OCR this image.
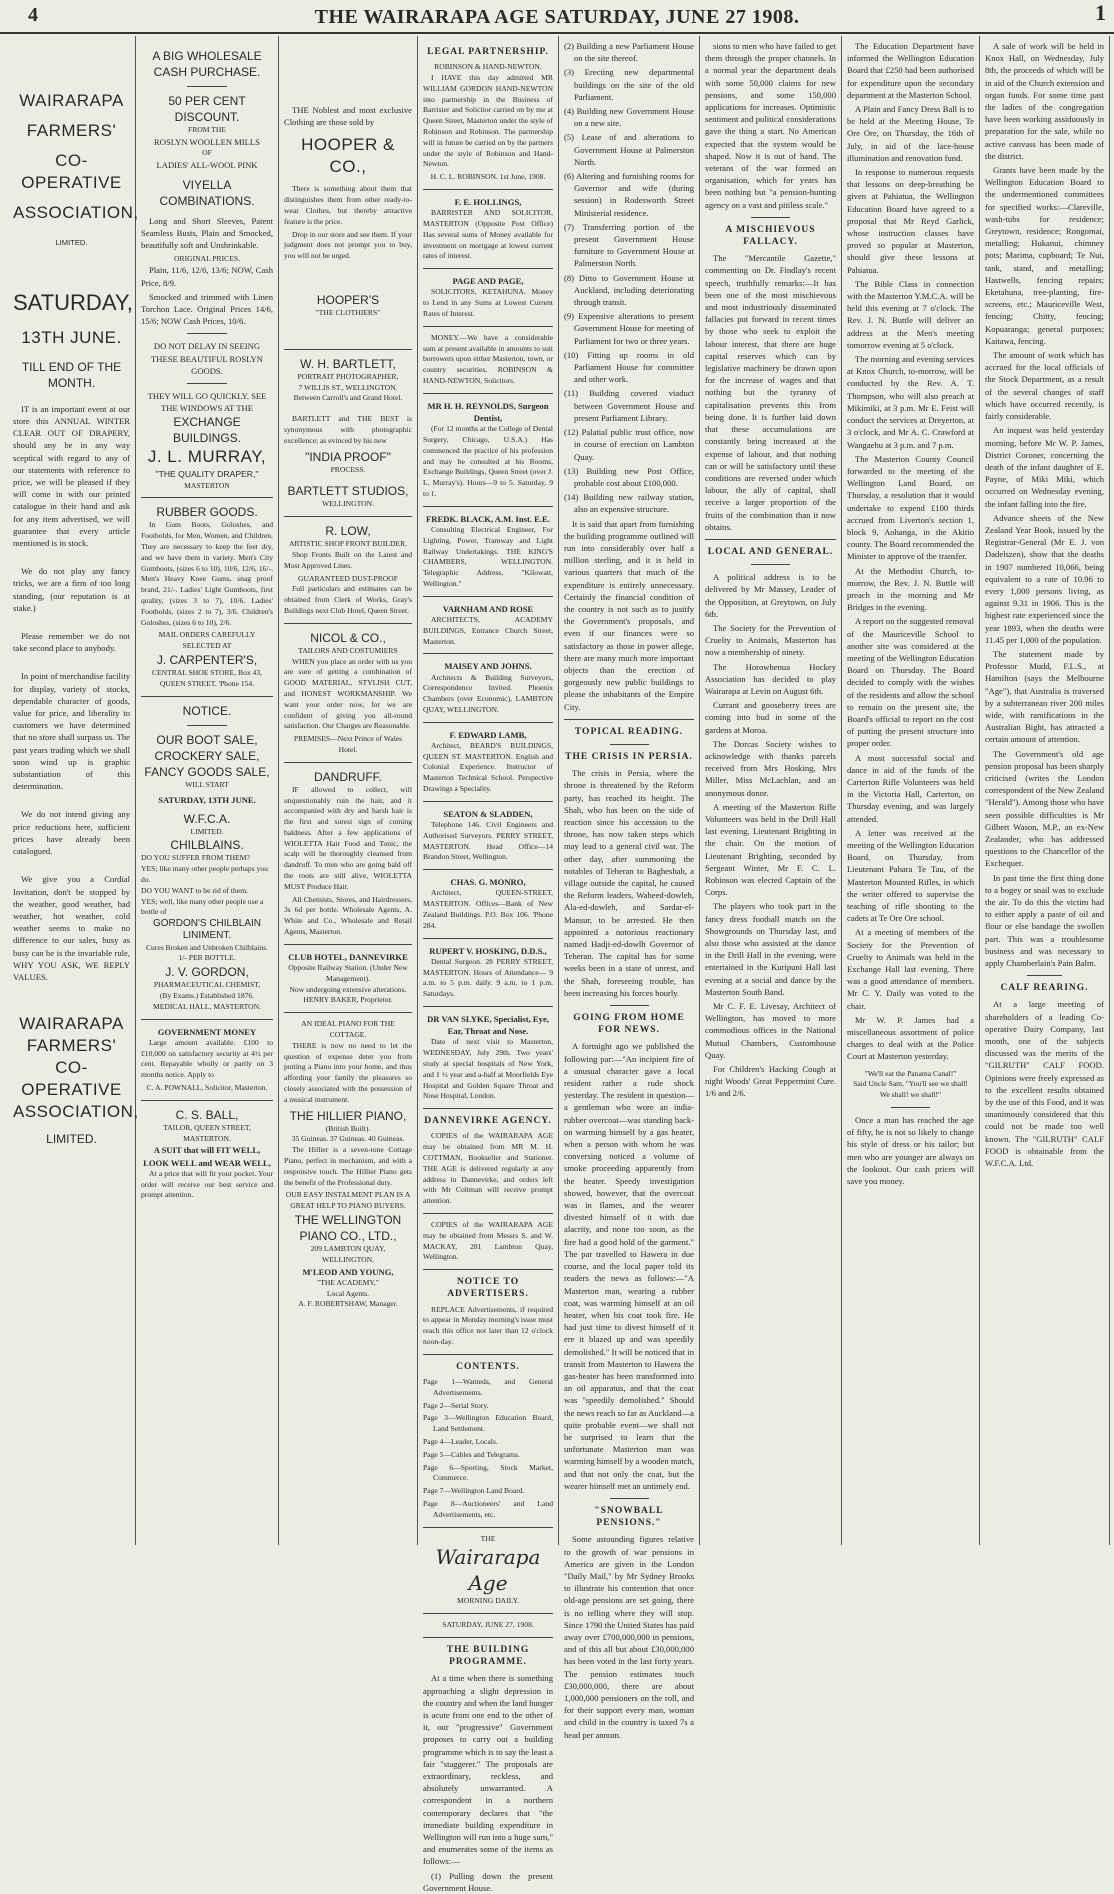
4	THE WAIRARAPA AGE SATURDAY, JUNE 27 1908.	1
WAIRARAPA
FARMERS'
CO-OPERATIVE
ASSOCIATION,
LIMITED.
SATURDAY,
13TH JUNE.
TILL END OF THE MONTH.

IT is an important event at our store this ANNUAL WINTER CLEAR OUT OF DRAPERY, should any be in any way sceptical with regard to any of our statements with reference to price, we will be pleased if they will come in with our printed catalogue in their hand and ask for any item advertised, we will guarantee that every article mentioned is in stock.

We do not play any fancy tricks, we are a firm of too long standing, (our reputation is at stake.)

Please remember we do not take second place to anybody.

In point of merchandise facility for display, variety of stocks, dependable character of goods, value for price, and liberality to customers we have determined that no store shall surpass us. The past years trading which we shall soon wind up is graphic substantiation of this determination.

We do not intend giving any price reductions here, sufficient prices have already been catalogued.

We give you a Cordial Invitation, don't be stopped by the weather, good weather, bad weather, hot weather, cold weather seems to make no difference to our sales, busy as busy can be is the invariable rule, WHY YOU ASK, WE REPLY VALUES.

WAIRARAPA
FARMERS'
CO-OPERATIVE
ASSOCIATION,
LIMITED.
A BIG WHOLESALE CASH PURCHASE.
50 PER CENT DISCOUNT.
FROM THE
ROSLYN WOOLLEN MILLS
OF
LADIES' ALL-WOOL PINK
VIYELLA COMBINATIONS.

Long and Short Sleeves, Patent Seamless Busts, Plain and Smocked, beautifully soft and Unshrinkable.

ORIGINAL PRICES.

Plain, 11/6, 12/6, 13/6; NOW, Cash Price, 8/9.

Smocked and trimmed with Linen Torchon Lace. Original Prices 14/6, 15/6; NOW Cash Prices, 10/6.

DO NOT DELAY IN SEEING THESE BEAUTIFUL ROSLYN GOODS.
THEY WILL GO QUICKLY. SEE THE WINDOWS AT THE
EXCHANGE BUILDINGS.
J. L. MURRAY,
"THE QUALITY DRAPER,"
MASTERTON
RUBBER GOODS.

In Gum Boots, Goloshes, and Footholds, for Men, Women, and Children. They are necessary to keep the feet dry, and we have them in variety. Men's City Gumboots, (sizes 6 to 10), 10/6, 12/6, 16/-. Men's Heavy Knee Gums, snag proof brand, 21/-. Ladies' Light Gumboots, first quality, (sizes 3 to 7), 10/6. Ladies' Footholds, (sizes 2 to 7), 3/6. Children's Goloshes, (sizes 6 to 10), 2/6.

MAIL ORDERS CAREFULLY SELECTED AT
J. CARPENTER'S,
CENTRAL SHOE STORE, Box 43, QUEEN STREET. 'Phone 154.
NOTICE.
OUR BOOT SALE, CROCKERY SALE, FANCY GOODS SALE,
WILL START
SATURDAY, 13TH JUNE.
W.F.C.A.
LIMITED.
CHILBLAINS.
DO YOU SUFFER FROM THEM?
YES; like many other people perhaps you do.
DO YOU WANT to be rid of them.
YES; well, like many other people use a bottle of
GORDON'S CHILBLAIN LINIMENT.
Cures Broken and Unbroken Chilblains.
1/- PER BOTTLE.
J. V. GORDON,
PHARMACEUTICAL CHEMIST,
(By Exams.) Established 1876.
MEDICAL HALL, MASTERTON.
GOVERNMENT MONEY

Large amount available. £100 to £10,000 on satisfactory security at 4½ per cent. Repayable wholly or partly on 3 months notice. Apply to

C. A. POWNALL, Solicitor, Masterton.
C. S. BALL,
TAILOR, QUEEN STREET, MASTERTON.
A SUIT that will FIT WELL, LOOK WELL and WEAR WELL,

At a price that will fit your pocket. Your order will receive our best service and prompt attention.

THE Noblest and most exclusive Clothing are those sold by

HOOPER & CO.,

There is something about them that distinguishes them from other ready-to-wear Clothes, but thereby attractive feature is the price.

Drop in our store and see them. If your judgment does not prompt you to buy, you will not be urged.

HOOPER'S
"THE CLOTHIERS"
W. H. BARTLETT,
PORTRAIT PHOTOGRAPHER,
7 WILLIS ST., WELLINGTON.
Between Carroll's and Grand Hotel.

BARTLETT and THE BEST is synonymous with photographic excellence; as evinced by his new

"INDIA PROOF"
PROCESS.
BARTLETT STUDIOS,
WELLINGTON.
R. LOW,
ARTISTIC SHOP FRONT BUILDER.

Shop Fronts Built on the Latest and Most Approved Lines.

GUARANTEED DUST-PROOF

Full particulars and estimates can be obtained from Clerk of Works, Gray's Buildings next Club Hotel, Queen Street.

NICOL & CO.,
TAILORS AND COSTUMIERS

WHEN you place an order with us you are sure of getting a combination of GOOD MATERIAL, STYLISH CUT, and HONEST WORKMANSHIP. We want your order now, for we are confident of giving you all-round satisfaction. Our Charges are Reasonable.

PREMISES—Next Prince of Wales Hotel.
DANDRUFF.

IF allowed to collect, will unquestionably ruin the hair, and it accompanied with dry and harsh hair is the first and surest sign of coming baldness. After a few applications of WIOLETTA Hair Food and Tonic, the scalp will be thoroughly cleansed from dandruff. To men who are going bald off the roots are still alive, WIOLETTA MUST Produce Hair.

All Chemists, Stores, and Hairdressers, 3s 6d per bottle. Wholesale Agents, A. White and Co., Wholesale and Retail Agents, Masterton.

CLUB HOTEL, DANNEVIRKE
Opposite Railway Station. (Under New Management).
Now undergoing extensive alterations.
HENRY BAKER, Proprietor.
AN IDEAL PIANO FOR THE COTTAGE.

THERE is now no need to let the question of expense deter you from putting a Piano into your home, and thus affording your family the pleasures so closely associated with the possession of a musical instrument.

THE HILLIER PIANO,
(British Built).
35 Guineas. 37 Guineas. 40 Guineas.

The Hillier is a seven-tone Cottage Piano, perfect in mechanism, and with a responsive touch. The Hillier Piano gets the benefit of the Professional duty.

OUR EASY INSTALMENT PLAN IS A GREAT HELP TO PIANO BUYERS.
THE WELLINGTON PIANO CO., LTD.,
209 LAMBTON QUAY, WELLINGTON.
M'LEOD AND YOUNG,
"THE ACADEMY,"
Local Agents.
A. F. ROBERTSHAW, Manager.
LEGAL PARTNERSHIP.
ROBINSON & HAND-NEWTON.

I HAVE this day admitted MR WILLIAM GORDON HAND-NEWTON into partnership in the Business of Barrister and Solicitor carried on by me at Queen Street, Masterton under the style of Robinson and Robinson. The partnership will in future be carried on by the partners under the style of Robinson and Hand-Newton.

H. C. L. ROBINSON. 1st June, 1908.
F. E. HOLLINGS,

BARRISTER AND SOLICITOR, MASTERTON (Opposite Post Office) Has several sums of Money available for investment on mortgage at lowest current rates of interest.

PAGE AND PAGE,

SOLICITORS, KETAHUNA. Money to Lend in any Sums at Lowest Current Rates of Interest.

MONEY.—We have a considerable sum at present available in amounts to suit borrowers upon either Masterton, town, or country securities. ROBINSON & HAND-NEWTON, Solicitors.

MR H. H. REYNOLDS, Surgeon Dentist,

(For 12 months at the College of Dental Surgery, Chicago, U.S.A.) Has commenced the practice of his profession and may be consulted at his Rooms, Exchange Buildings, Queen Street (over J. L. Murray's). Hours—9 to 5. Saturday, 9 to 1.

FREDK. BLACK, A.M. Inst. E.E.

Consulting Electrical Engineer, For Lighting, Power, Tramway and Light Railway Undertakings. THE KING'S CHAMBERS, WELLINGTON. Telegraphic Address, "Kilowatt, Wellington."

VARNHAM AND ROSE

ARCHITECTS, ACADEMY BUILDINGS, Entrance Church Street, Masterton.

MAISEY AND JOHNS.

Architects & Building Surveyors, Correspondence Invited. Phoenix Chambers (over Economic), LAMBTON QUAY, WELLINGTON.

F. EDWARD LAMB,

Architect, BEARD'S BUILDINGS, QUEEN ST. MASTERTON. English and Colonial Experience. Instructor of Masterton Technical School. Perspective Drawings a Speciality.

SEATON & SLADDEN,

Telephone 146. Civil Engineers and Authorised Surveyors. PERRY STREET, MASTERTON. Head Office—14 Brandon Street, Wellington.

CHAS. G. MONRO,

Architect, QUEEN-STREET, MASTERTON. Offices—Bank of New Zealand Buildings. P.O. Box 106. 'Phone 284.

RUPERT V. HOSKING, D.D.S.,

Dental Surgeon. 28 PERRY STREET, MASTERTON. Hours of Attendance— 9 a.m. to 5 p.m. daily. 9 a.m. to 1 p.m. Saturdays.

DR VAN SLYKE, Specialist, Eye, Ear, Throat and Nose.

Date of next visit to Masterton, WEDNESDAY, July 29th. Two years' study at special hospitals of New York, and 1 ½ year and a-half at Moorfields Eye Hospital and Golden Square Throat and Nose Hospital, London.

DANNEVIRKE AGENCY.

COPIES of the WAIRARAPA AGE may be obtained from MR M. H. COTTMAN, Bookseller and Stationer. THE AGE is delivered regularly at any address in Dannevirke, and orders left with Mr Coltman will receive prompt attention.

COPIES of the WAIRARAPA AGE may be obtained from Messrs S. and W. MACKAY, 281 Lambton Quay, Wellington.

NOTICE TO ADVERTISERS.

REPLACE Advertisements, if required to appear in Monday morning's issue must reach this office not later than 12 o'clock noon-day.

CONTENTS.

Page 1—Wanteds, and General Advertisements.

Page 2—Serial Story.

Page 3—Wellington Education Board, Land Settlement.

Page 4—Leader, Locals.

Page 5—Cables and Telegrams.

Page 6—Sporting, Stock Market, Commerce.

Page 7—Wellington Land Board.

Page 8—Auctioneers' and Land Advertisements, etc.

THE
Wairarapa Age
MORNING DAILY.
SATURDAY, JUNE 27, 1908.
THE BUILDING PROGRAMME.

At a time when there is something approaching a slight depression in the country and when the land hunger is acute from one end to the other of it, our "progressive" Government proposes to carry out a building programme which is to say the least a fair "staggerer." The proposals are extraordinary, reckless, and absolutely unwarranted. A correspondent in a northern contemporary declares that "the immediate building expenditure in Wellington will run into a huge sum," and enumerates some of the items as follows:—

(1) Pulling down the present Government House.

(2) Building a new Parliament House on the site thereof.

(3) Erecting new departmental buildings on the site of the old Parliament.

(4) Building new Government House on a new site.

(5) Lease of and alterations to Government House at Palmerston North.

(6) Altering and furnishing rooms for Governor and wife (during session) in Rodesworth Street Ministerial residence.

(7) Transferring portion of the present Government House furniture to Government House at Palmerston North.

(8) Ditto to Government House at Auckland, including deteriorating through transit.

(9) Expensive alterations to present Government House for meeting of Parliament for two or three years.

(10) Fitting up rooms in old Parliament House for committee and other work.

(11) Building covered viaduct between Government House and present Parliament Library.

(12) Palatial public trust office, now in course of erection on Lambton Quay.

(13) Building new Post Office, probable cost about £100,000.

(14) Building new railway station, also an expensive structure.

It is said that apart from furnishing the building programme outlined will run into considerably over half a million sterling, and it is held in various quarters that much of the expenditure is entirely unnecessary. Certainly the financial condition of the country is not such as to justify the Government's proposals, and even if our finances were so satisfactory as those in power allege, there are many much more important objects than the erection of gorgeously new public buildings to please the inhabitants of the Empire City.

TOPICAL READING.
THE CRISIS IN PERSIA.

The crisis in Persia, where the throne is threatened by the Reform party, has reached its height. The Shah, who has been on the side of reaction since his accession to the throne, has now taken steps which may lead to a general civil war. The other day, after summoning the notables of Teheran to Bagheshah, a village outside the capital, he caused the Reform leaders, Waheed-dowleh, Ala-ed-dowleh, and Sardar-el-Mansur, to be arrested. He then appointed a notorious reactionary named Hadji-ed-dowlh Governor of Teheran. The capital has for some weeks been in a state of unrest, and the Shah, foreseeing trouble, has been increasing his forces hourly.

GOING FROM HOME FOR NEWS.

A fortnight ago we published the following par:—"An incipient fire of a unusual character gave a local resident rather a rude shock yesterday. The resident in question—a gentleman who wore an india-rubber overcoat—was standing back-on warming himself by a gas heater, when a person with whom he was conversing noticed a volume of smoke proceeding apparently from the heater. Speedy investigation showed, however, that the overcoat was in flames, and the wearer divested himself of it with due alacrity, and none too soon, as the fire had a good hold of the garment." The par travelled to Hawera in due course, and the local paper told its readers the news as follows:—"A Masterton man, wearing a rubber coat, was warming himself at an oil heater, when his coat took fire. He had just time to divest himself of it ere it blazed up and was speedily demolished." It will be noticed that in transit from Masterton to Hawera the gas-heater has been transformed into an oil apparatus, and that the coat was "speedily demolished." Should the news reach so far as Auckland—a quite probable event—we shall not be surprised to learn that the unfortunate Masterton man was warming himself by a wooden match, and that not only the coat, but the wearer himself met an untimely end.

"SNOWBALL PENSIONS."

Some astounding figures relative to the growth of war pensions in America are given in the London "Daily Mail," by Mr Sydney Brooks to illustrate his contention that once old-age pensions are set going, there is no telling where they will stop. Since 1790 the United States has paid away over £700,000,000 in pensions, and of this all but about £30,000,000 has been voted in the last forty years. The pension estimates touch £30,000,000, there are about 1,000,000 pensioners on the roll, and for their support every man, woman and child in the country is taxed 7s a head per annum.

sions to men who have failed to get them through the proper channels. In a normal year the department deals with some 50,000 claims for new pensions, and some 150,000 applications for increases. Optimistic sentiment and political considerations gave the thing a start. No American expected that the system would be shaped. Now it is out of hand. The veterans of the war formed an organisation, which for years has been nothing but "a pension-hunting agency on a vast and pitiless scale."

A MISCHIEVOUS FALLACY.

The "Mercantile Gazette," commenting on Dr. Findlay's recent speech, truthfully remarks:—It has been one of the most mischievous and most industriously disseminated fallacies put forward in recent times by those who seek to exploit the labour interest, that there are huge capital reserves which can by legislative machinery be drawn upon for the increase of wages and that nothing but the tyranny of capitalisation prevents this from being done. It is further laid down that these accumulations are constantly being increased at the expense of labour, and that nothing can or will be satisfactory until these conditions are reversed under which labour, the ally of capital, shall receive a larger proportion of the fruits of the combination than it now obtains.

LOCAL AND GENERAL.

A political address is to be delivered by Mr Massey, Leader of the Opposition, at Greytown, on July 6th.

The Society for the Prevention of Cruelty to Animals, Masterton has now a membership of ninety.

The Horowhenua Hockey Association has decided to play Wairarapa at Levin on August 6th.

Currant and gooseberry trees are coming into bud in some of the gardens at Moroa.

The Dorcas Society wishes to acknowledge with thanks parcels received from Mrs Hosking, Mrs Miller, Miss McLachlan, and an anonymous donor.

A meeting of the Masterton Rifle Volunteers was held in the Drill Hall last evening, Lieutenant Brighting in the chair. On the motion of Lieutenant Brighting, seconded by Sergeant Winter, Mr F. C. L. Robinson was elected Captain of the Corps.

The players who took part in the fancy dress football match on the Showgrounds on Thursday last, and also those who assisted at the dance in the Drill Hall in the evening, were entertained in the Kuripuni Hall last evening at a social and dance by the Masterton South Band.

Mr C. F. E. Livesay, Architect of Wellington, has moved to more commodious offices in the National Mutual Chambers, Customhouse Quay.

For Children's Hacking Cough at night Woods' Great Peppermint Cure. 1/6 and 2/6.

The Education Department have informed the Wellington Education Board that £250 had been authorised for expenditure upon the secondary department at the Masterton School.

A Plain and Fancy Dress Ball is to be held at the Meeting House, Te Ore Ore, on Thursday, the 16th of July, in aid of the lace-house illumination and renovation fund.

In response to numerous requests that lessons on deep-breathing be given at Pahiatua, the Wellington Education Board have agreed to a proposal that Mr Reyd Garlick, whose instruction classes have proved so popular at Masterton, should give these lessons at Pahiatua.

The Bible Class in connection with the Masterton Y.M.C.A. will be held this evening at 7 o'clock. The Rev. J. N. Buttle will deliver an address at the Men's meeting tomorrow evening at 5 o'clock.

The morning and evening services at Knox Church, to-morrow, will be conducted by the Rev. A. T. Thompson, who will also preach at Mikimiki, at 3 p.m. Mr E. Feist will conduct the services at Dreyerton, at 3 o'clock, and Mr A. C. Crawford at Wangaehu at 3 p.m. and 7 p.m.

The Masterton County Council forwarded to the meeting of the Wellington Land Board, on Thursday, a resolution that it would undertake to expend £100 thirds accrued from Liverton's section 1, block 9, Aohanga, in the Akitio county. The Board recommended the Minister to approve of the transfer.

At the Methodist Church, to-morrow, the Rev. J. N. Buttle will preach in the morning and Mr Bridges in the evening.

A report on the suggested removal of the Mauriceville School to another site was considered at the meeting of the Wellington Education Board on Thursday. The Board decided to comply with the wishes of the residents and allow the school to remain on the present site, the Board's official to report on the cost of putting the present structure into proper order.

A most successful social and dance in aid of the funds of the Carterton Rifle Volunteers was held in the Victoria Hall, Carterton, on Thursday evening, and was largely attended.

A letter was received at the meeting of the Wellington Education Board, on Thursday, from Lieutenant Pahara Te Tau, of the Masterton Mounted Rifles, in which the writer offered to supervise the teaching of rifle shooting to the cadets at Te Ore Ore school.

At a meeting of members of the Society for the Prevention of Cruelty to Animals was held in the Exchange Hall last evening. There was a good attendance of members. Mr C. Y. Daily was voted to the chair.

Mr W. P. James had a miscellaneous assortment of police charges to deal with at the Police Court at Masterton yesterday.

"We'll eat the Panama Canal!"
Said Uncle Sam, "You'll see we shall!
We shall! we shall!"

Once a man has reached the age of fifty, he is not so likely to change his style of dress or his tailor; but men who are younger are always on the lookout. Our cash prices will save you money.

A sale of work will be held in Knox Hall, on Wednesday, July 8th, the proceeds of which will be in aid of the Church extension and organ funds. For some time past the ladies of the congregation have been working assiduously in preparation for the sale, while no active canvass has been made of the district.

Grants have been made by the Wellington Education Board to the undermentioned committees for specified works:—Clareville, wash-tubs for residence; Greytown, residence; Rongomai, metalling; Hukanui, chimney pots; Marima, cupboard; Te Nui, tank, stand, and metalling; Hastwells, fencing repairs; Eketahuna, tree-planting, fire-screens, etc.; Mauriceville West, fencing; Chitty, fencing; Kopuaranga; general purposes; Kaitawa, fencing.

The amount of work which has accrued for the local officials of the Stock Department, as a result of the several changes of staff which have occurred recently, is fairly considerable.

An inquest was held yesterday morning, before Mr W. P. James, District Coroner, concerning the death of the infant daughter of E. Payne, of Miki Miki, which occurred on Wednesday evening, the infant falling into the fire.

Advance sheets of the New Zealand Year Book, issued by the Registrar-General (Mr E. J. von Dadelszen), show that the deaths in 1907 numbered 10,066, being equivalent to a rate of 10.96 to every 1,000 persons living, as against 9.31 in 1906. This is the highest rate experienced since the year 1893, when the deaths were 11.45 per 1,000 of the population.

The statement made by Professor Mudd, F.L.S., at Hamilton (says the Melbourne "Age"), that Australia is traversed by a subterranean river 200 miles wide, with ramifications in the Australian Bight, has attracted a certain amount of attention.

The Government's old age pension proposal has been sharply criticised (writes the London correspondent of the New Zealand "Herald"). Among those who have seen possible difficulties is Mr Gilbert Wason, M.P., an ex-New Zealander, who has addressed questions to the Chancellor of the Exchequer.

In past time the first thing done to a bogey or snail was to exclude the air. To do this the victim had to either apply a paste of oil and flour or else bandage the swollen part. This was a troublesome business and was necessary to apply Chamberlain's Pain Balm.

CALF REARING.

At a large meeting of shareholders of a leading Co-operative Dairy Company, last month, one of the subjects discussed was the merits of the "GILRUTH" CALF FOOD. Opinions were freely expressed as to the excellent results obtained by the use of this Food, and it was unanimously considered that this could not be made too well known. The "GILRUTH" CALF FOOD is obtainable from the W.F.C.A. Ltd.
